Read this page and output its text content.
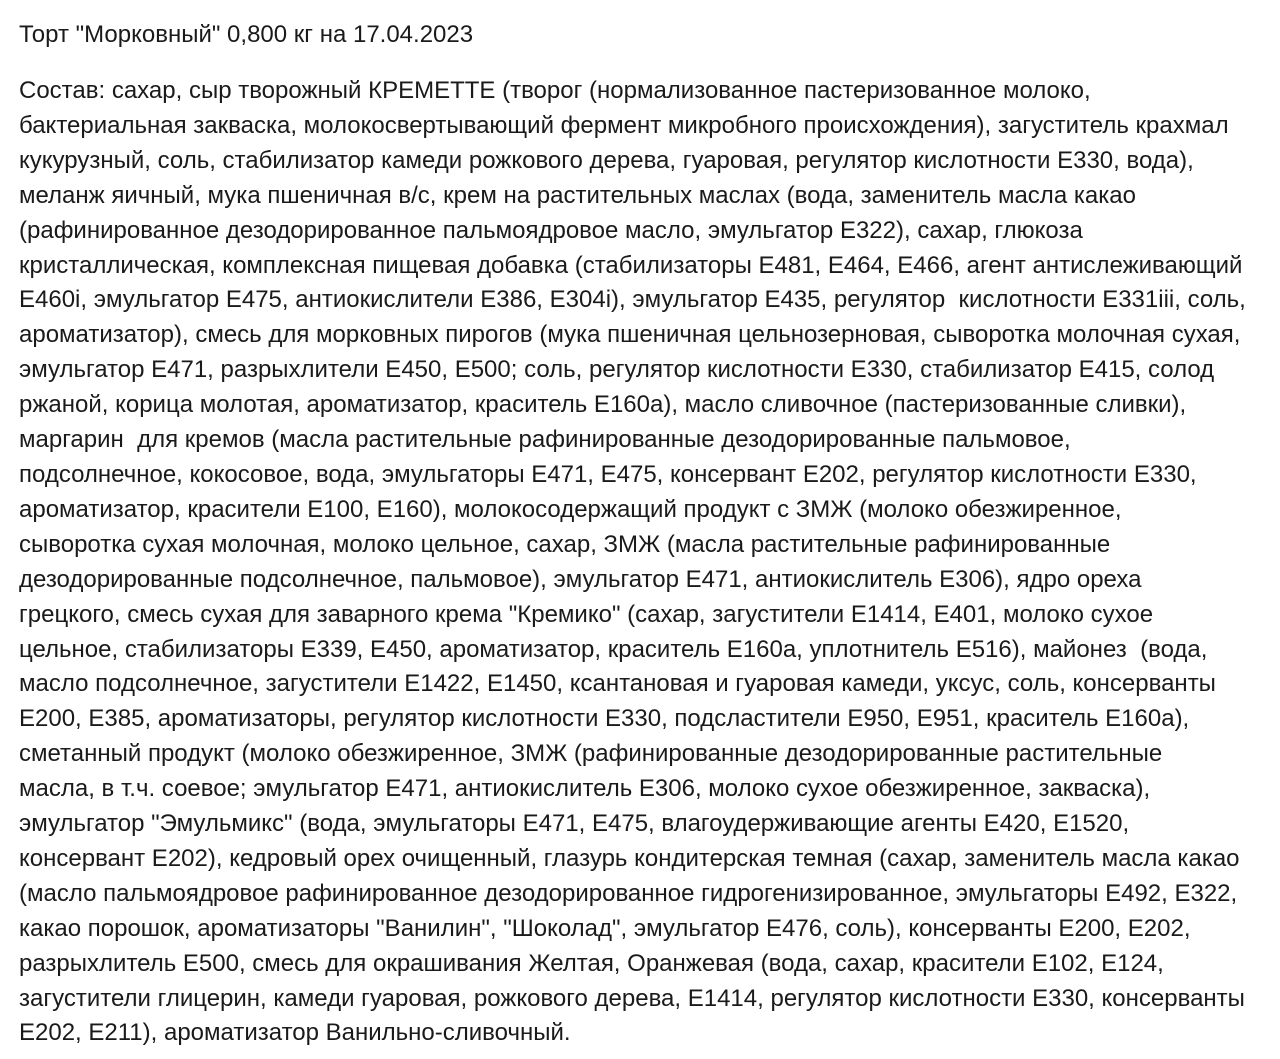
Торт "Морковный" 0,800 кг на 17.04.2023
Состав: сахар, сыр творожный КРЕМЕТТЕ (творог (нормализованное пастеризованное молоко,
бактериальная закваска, молокосвертывающий фермент микробного происхождения), загуститель крахмал
кукурузный, соль, стабилизатор камеди рожкового дерева, гуаровая, регулятор кислотности Е330, вода),
меланж яичный, мука пшеничная в/с, крем на растительных маслах (вода, заменитель масла какао
(рафинированное дезодорированное пальмоядровое масло, эмульгатор Е322), сахар, глюкоза
кристаллическая, комплексная пищевая добавка (стабилизаторы Е481, Е464, Е466, агент антислеживающий
Е460i, эмульгатор Е475, антиокислители Е386, Е304i), эмульгатор Е435, регулятор  кислотности Е331iii, соль,
ароматизатор), смесь для морковных пирогов (мука пшеничная цельнозерновая, сыворотка молочная сухая,
эмульгатор Е471, разрыхлители Е450, Е500; соль, регулятор кислотности Е330, стабилизатор Е415, солод
ржаной, корица молотая, ароматизатор, краситель Е160а), масло сливочное (пастеризованные сливки),
маргарин  для кремов (масла растительные рафинированные дезодорированные пальмовое,
подсолнечное, кокосовое, вода, эмульгаторы Е471, Е475, консервант Е202, регулятор кислотности Е330,
ароматизатор, красители Е100, Е160), молокосодержащий продукт с ЗМЖ (молоко обезжиренное,
сыворотка сухая молочная, молоко цельное, сахар, ЗМЖ (масла растительные рафинированные
дезодорированные подсолнечное, пальмовое), эмульгатор Е471, антиокислитель Е306), ядро ореха
грецкого, смесь сухая для заварного крема "Кремико" (сахар, загустители Е1414, Е401, молоко сухое
цельное, стабилизаторы Е339, Е450, ароматизатор, краситель Е160а, уплотнитель Е516), майонез  (вода,
масло подсолнечное, загустители Е1422, Е1450, ксантановая и гуаровая камеди, уксус, соль, консерванты
Е200, Е385, ароматизаторы, регулятор кислотности Е330, подсластители Е950, Е951, краситель Е160а),
сметанный продукт (молоко обезжиренное, ЗМЖ (рафинированные дезодорированные растительные
масла, в т.ч. соевое; эмульгатор Е471, антиокислитель Е306, молоко сухое обезжиренное, закваска),
эмульгатор "Эмульмикс" (вода, эмульгаторы Е471, Е475, влагоудерживающие агенты Е420, Е1520,
консервант Е202), кедровый орех очищенный, глазурь кондитерская темная (сахар, заменитель масла какао
(масло пальмоядровое рафинированное дезодорированное гидрогенизированное, эмульгаторы Е492, Е322,
какао порошок, ароматизаторы "Ванилин", "Шоколад", эмульгатор Е476, соль), консерванты Е200, Е202,
разрыхлитель Е500, смесь для окрашивания Желтая, Оранжевая (вода, сахар, красители Е102, Е124,
загустители глицерин, камеди гуаровая, рожкового дерева, Е1414, регулятор кислотности Е330, консерванты
Е202, Е211), ароматизатор Ванильно-сливочный.
